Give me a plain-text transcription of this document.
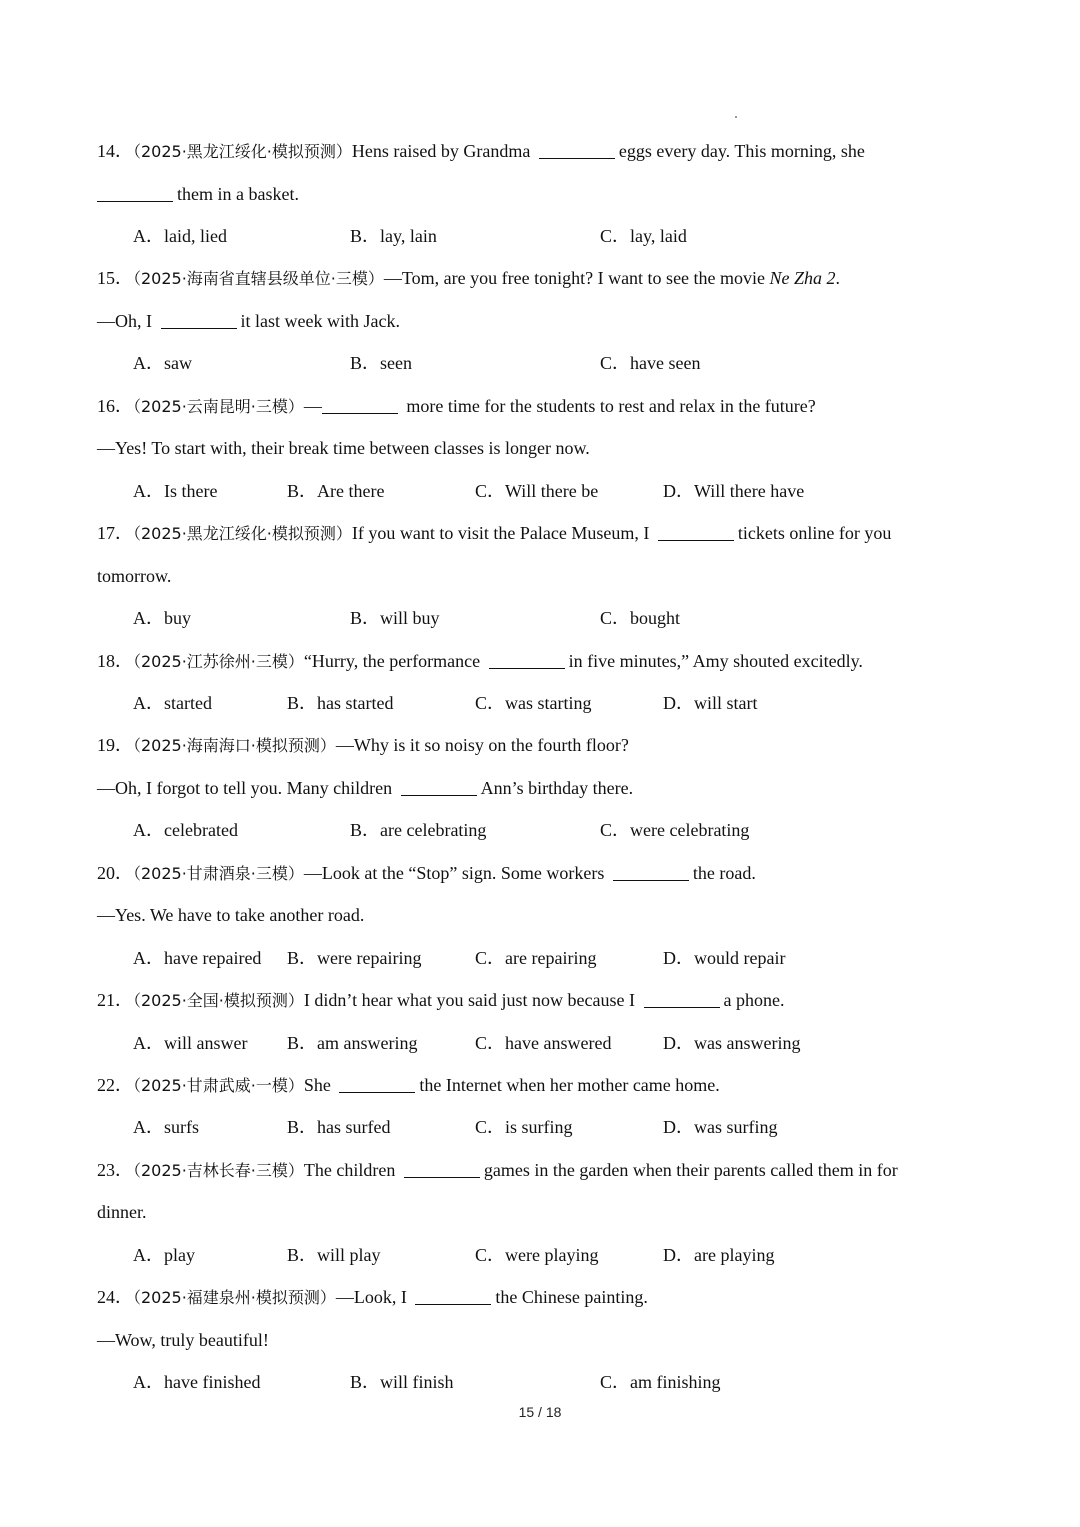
14．（2025·黑龙江绥化·模拟预测）Hens raised by Grandma	eggs every day. This morning, she
them in a basket.
A．laid, lied	B．lay, lain	C．lay, laid
15．（2025·海南省直辖县级单位·三模）—Tom, are you free tonight? I want to see the movie Ne Zha 2.
—Oh, I	it last week with Jack.
A．saw	B．seen	C．have seen
16．（2025·云南昆明·三模）—	more time for the students to rest and relax in the future?
—Yes! To start with, their break time between classes is longer now.
A．Is there	B．Are there	C．Will there be	D．Will there have
17．（2025·黑龙江绥化·模拟预测）If you want to visit the Palace Museum, I	tickets online for you
tomorrow.
A．buy	B．will buy	C．bought
18．（2025·江苏徐州·三模）“Hurry, the performance	in five minutes,” Amy shouted excitedly.
A．started	B．has started	C．was starting	D．will start
19．（2025·海南海口·模拟预测）—Why is it so noisy on the fourth floor?
—Oh, I forgot to tell you. Many children	Ann’s birthday there.
A．celebrated	B．are celebrating	C．were celebrating
20．（2025·甘肃酒泉·三模）—Look at the “Stop” sign. Some workers	the road.
—Yes. We have to take another road.
A．have repaired B．were repairing	C．are repairing	D．would repair
21．（2025·全国·模拟预测）I didn’t hear what you said just now because I	a phone.
A．will answer B．am answering	C．have answered	D．was answering
22．（2025·甘肃武威·一模）She	the Internet when her mother came home.
A．surfs	B．has surfed	C．is surfing	D．was surfing
23．（2025·吉林长春·三模）The children	games in the garden when their parents called them in for
dinner.
A．play	B．will play	C．were playing	D．are playing
24．（2025·福建泉州·模拟预测）—Look, I	the Chinese painting.
—Wow, truly beautiful!
A．have finished	B．will finish	C．am finishing
15 / 18
